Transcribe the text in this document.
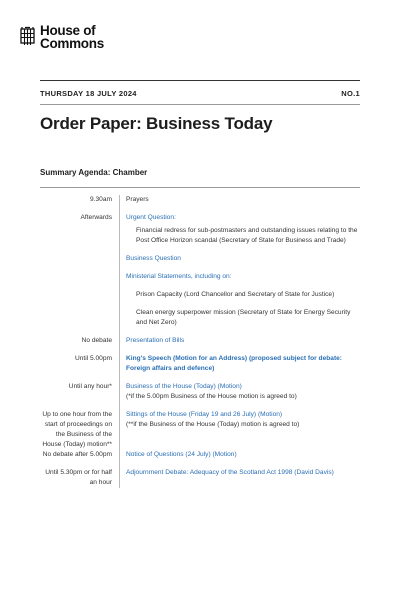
House of
Commons
THURSDAY 18 JULY 2024	NO.1
Order Paper: Business Today
Summary Agenda: Chamber
9.30am Prayers
Afterwards Urgent Question:
Financial redress for sub-postmasters and outstanding issues relating to the Post Office Horizon scandal (Secretary of State for Business and Trade)
Business Question
Ministerial Statements, including on:
Prison Capacity (Lord Chancellor and Secretary of State for Justice)
Clean energy superpower mission (Secretary of State for Energy Security and Net Zero)
No debate Presentation of Bills
Until 5.00pm King's Speech (Motion for an Address) (proposed subject for debate: Foreign affairs and defence)
Until any hour* Business of the House (Today) (Motion)
(*if the 5.00pm Business of the House motion is agreed to)
Up to one hour from the start of proceedings on the Business of the House (Today) motion**
Sittings of the House (Friday 19 and 26 July) (Motion)
(**if the Business of the House (Today) motion is agreed to)
No debate after 5.00pm Notice of Questions (24 July) (Motion)
Until 5.30pm or for half an hour
Adjournment Debate: Adequacy of the Scotland Act 1998 (David Davis)
